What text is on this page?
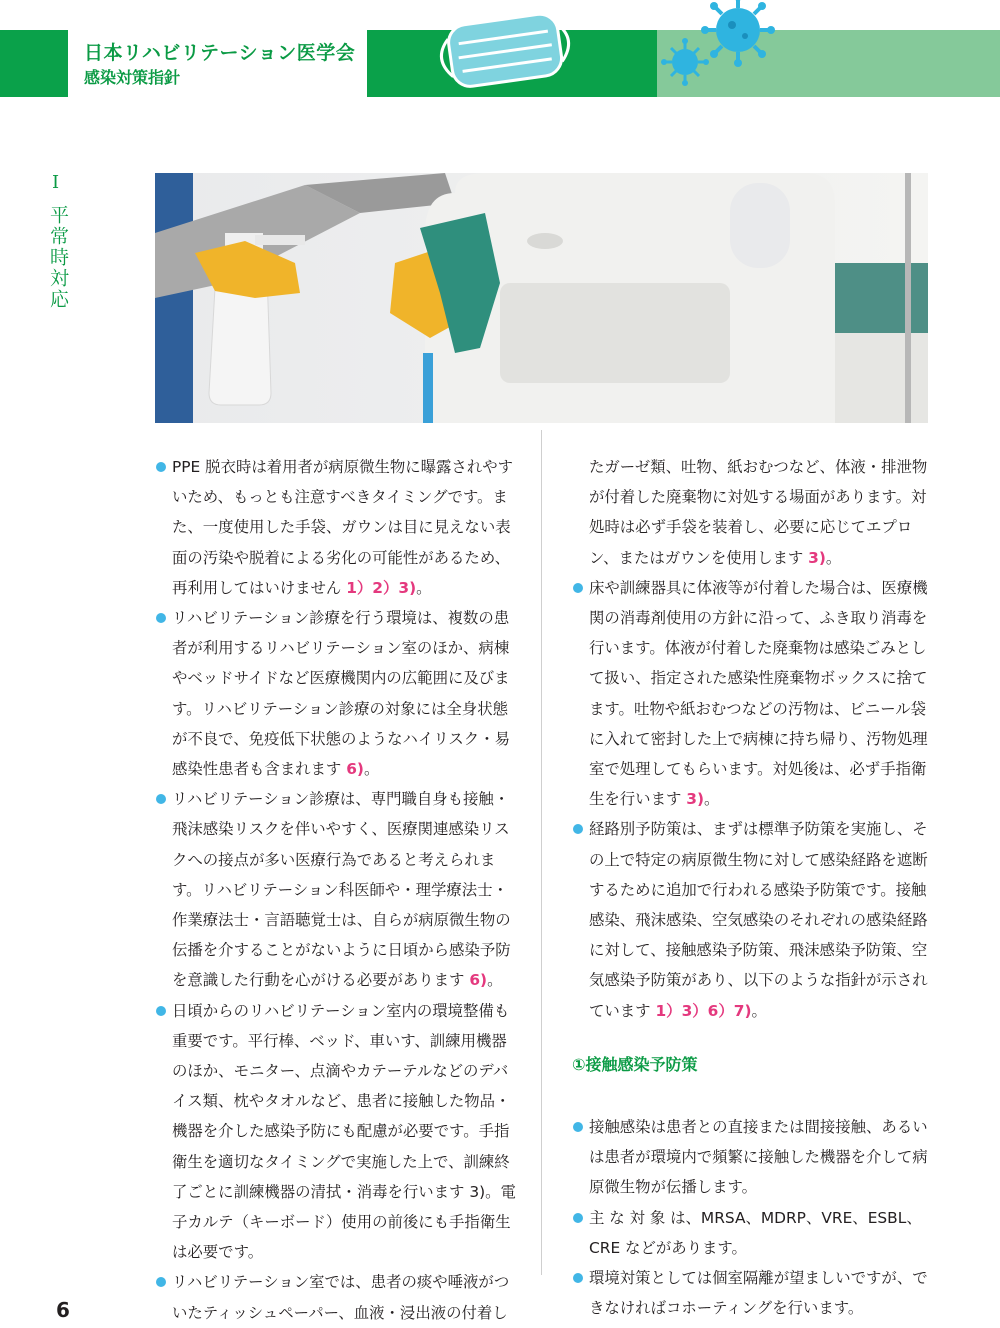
日本リハビリテーション医学会
感染対策指針
I
平常時対応

PPE 脱衣時は着用者が病原微生物に曝露されやすいため、もっとも注意すべきタイミングです。また、一度使用した手袋、ガウンは目に見えない表面の汚染や脱着による劣化の可能性があるため、再利用してはいけません 1）2）3)。

リハビリテーション診療を行う環境は、複数の患者が利用するリハビリテーション室のほか、病棟やベッドサイドなど医療機関内の広範囲に及びます。リハビリテーション診療の対象には全身状態が不良で、免疫低下状態のようなハイリスク・易感染性患者も含まれます 6)。

リハビリテーション診療は、専門職自身も接触・飛沫感染リスクを伴いやすく、医療関連感染リスクへの接点が多い医療行為であると考えられます。リハビリテーション科医師や・理学療法士・作業療法士・言語聴覚士は、自らが病原微生物の伝播を介することがないように日頃から感染予防を意識した行動を心がける必要があります 6)。

日頃からのリハビリテーション室内の環境整備も重要です。平行棒、ベッド、車いす、訓練用機器のほか、モニター、点滴やカテーテルなどのデバイス類、枕やタオルなど、患者に接触した物品・機器を介した感染予防にも配慮が必要です。手指衛生を適切なタイミングで実施した上で、訓練終了ごとに訓練機器の清拭・消毒を行います 3)。電子カルテ（キーボード）使用の前後にも手指衛生は必要です。

リハビリテーション室では、患者の痰や唾液がついたティッシュペーパー、血液・浸出液の付着し

たガーゼ類、吐物、紙おむつなど、体液・排泄物が付着した廃棄物に対処する場面があります。対処時は必ず手袋を装着し、必要に応じてエプロン、またはガウンを使用します 3)。

床や訓練器具に体液等が付着した場合は、医療機関の消毒剤使用の方針に沿って、ふき取り消毒を行います。体液が付着した廃棄物は感染ごみとして扱い、指定された感染性廃棄物ボックスに捨てます。吐物や紙おむつなどの汚物は、ビニール袋に入れて密封した上で病棟に持ち帰り、汚物処理室で処理してもらいます。対処後は、必ず手指衛生を行います 3)。

経路別予防策は、まずは標準予防策を実施し、その上で特定の病原微生物に対して感染経路を遮断するために追加で行われる感染予防策です。接触感染、飛沫感染、空気感染のそれぞれの感染経路に対して、接触感染予防策、飛沫感染予防策、空気感染予防策があり、以下のような指針が示されています 1）3）6）7)。

①接触感染予防策

接触感染は患者との直接または間接接触、あるいは患者が環境内で頻繁に接触した機器を介して病原微生物が伝播します。

主 な 対 象 は、MRSA、MDRP、VRE、ESBL、CRE などがあります。

環境対策としては個室隔離が望ましいですが、できなければコホーティングを行います。

6
